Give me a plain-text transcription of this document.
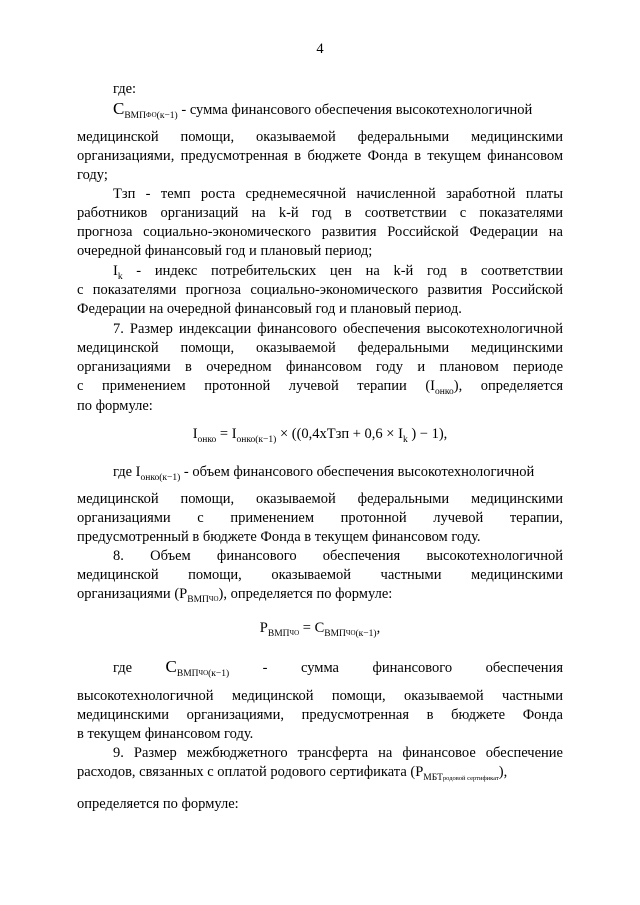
4
где:
$С_{ВМПФО(к-1)}$ - сумма финансового обеспечения высокотехнологичной
медицинской помощи, оказываемой федеральными медицинскими
организациями, предусмотренная в бюджете Фонда в текущем финансовом
году;
Тзп - темп роста среднемесячной начисленной заработной платы
работников организаций на k-й год в соответствии с показателями
прогноза социально-экономического развития Российской Федерации на
очередной финансовый год и плановый период;
$I_k$ - индекс потребительских цен на k-й год в соответствии
с показателями прогноза социально-экономического развития Российской
Федерации на очередной финансовый год и плановый период.
7. Размер индексации финансового обеспечения высокотехнологичной
медицинской помощи, оказываемой федеральными медицинскими
организациями в очередном финансовом году и плановом периоде
с применением протонной лучевой терапии $(I_{онко})$, определяется
по формуле:
$I_{онко} = I_{онко(к-1)}$ × ((0,4хТзп + $0,6 \times I_k$ ) − 1),
где $I_{онко(к-1)}$ - объем финансового обеспечения высокотехнологичной
медицинской помощи, оказываемой федеральными медицинскими
организациями с применением протонной лучевой терапии,
предусмотренный в бюджете Фонда в текущем финансовом году.
8. Объем финансового обеспечения высокотехнологичной
медицинской помощи, оказываемой частными медицинскими
организациями $(Р_{ВМПЧО})$, определяется по формуле:
$Р_{ВМПЧО} = С_{ВМПЧО(к-1)}$,
где $С_{ВМПЧО(к-1)}$ - сумма финансового обеспечения
высокотехнологичной медицинской помощи, оказываемой частными
медицинскими организациями, предусмотренная в бюджете Фонда
в текущем финансовом году.
9. Размер межбюджетного трансферта на финансовое обеспечение
расходов, связанных с оплатой родового сертификата $(Р_{МБТродовой сертификат})$,
определяется по формуле:
